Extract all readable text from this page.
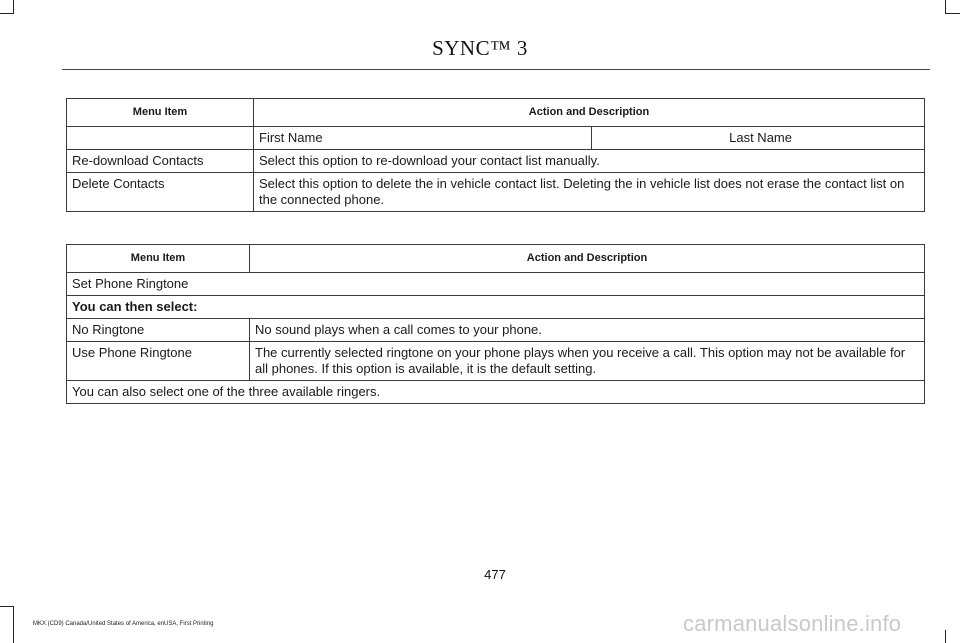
SYNC™ 3
Menu Item	Action and Description	
	First Name	Last Name
Re-download Contacts	Select this option to re-download your contact list manually.	
Delete Contacts	Select this option to delete the in vehicle contact list. Deleting the in vehicle list does not erase the contact list on the connected phone.	
Menu Item	Action and Description
Set Phone Ringtone	
You can then select:	
No Ringtone	No sound plays when a call comes to your phone.
Use Phone Ringtone	The currently selected ringtone on your phone plays when you receive a call. This option may not be available for all phones. If this option is available, it is the default setting.
You can also select one of the three available ringers.	
477
MKX (CD9) Canada/United States of America, enUSA, First Printing	carmanualsonline.info
